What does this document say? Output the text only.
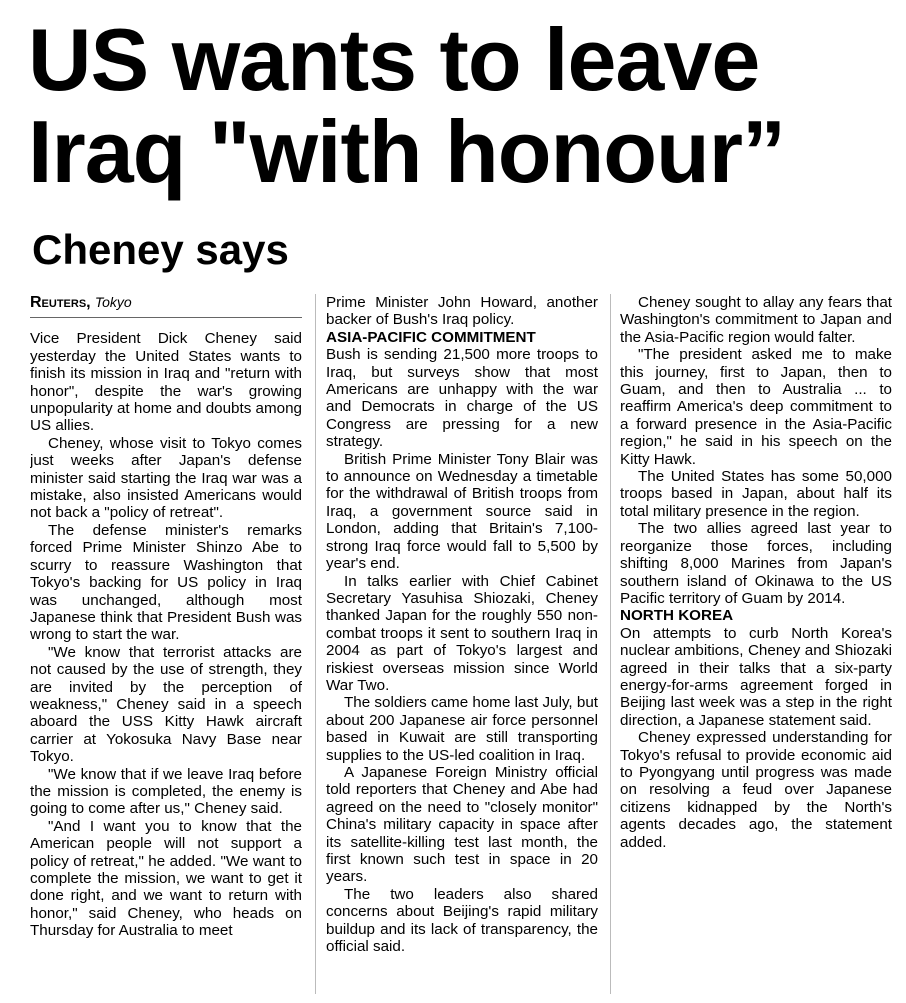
US wants to leave
Iraq "with honour”
Cheney says
Reuters, Tokyo

Vice President Dick Cheney said yesterday the United States wants to finish its mission in Iraq and "return with honor", despite the war's growing unpopularity at home and doubts among US allies.

Cheney, whose visit to Tokyo comes just weeks after Japan's defense minister said starting the Iraq war was a mistake, also insisted Americans would not back a "policy of retreat".

The defense minister's remarks forced Prime Minister Shinzo Abe to scurry to reassure Washington that Tokyo's backing for US policy in Iraq was unchanged, although most Japanese think that President Bush was wrong to start the war.

"We know that terrorist attacks are not caused by the use of strength, they are invited by the perception of weakness," Cheney said in a speech aboard the USS Kitty Hawk aircraft carrier at Yokosuka Navy Base near Tokyo.

"We know that if we leave Iraq before the mission is completed, the enemy is going to come after us," Cheney said.

"And I want you to know that the American people will not support a policy of retreat," he added. "We want to complete the mission, we want to get it done right, and we want to return with honor," said Cheney, who heads on Thursday for Australia to meet

Prime Minister John Howard, another backer of Bush's Iraq policy.

ASIA-PACIFIC COMMITMENT

Bush is sending 21,500 more troops to Iraq, but surveys show that most Americans are unhappy with the war and Democrats in charge of the US Congress are pressing for a new strategy.

British Prime Minister Tony Blair was to announce on Wednesday a timetable for the withdrawal of British troops from Iraq, a government source said in London, adding that Britain's 7,100-strong Iraq force would fall to 5,500 by year's end.

In talks earlier with Chief Cabinet Secretary Yasuhisa Shiozaki, Cheney thanked Japan for the roughly 550 non-combat troops it sent to southern Iraq in 2004 as part of Tokyo's largest and riskiest overseas mission since World War Two.

The soldiers came home last July, but about 200 Japanese air force personnel based in Kuwait are still transporting supplies to the US-led coalition in Iraq.

A Japanese Foreign Ministry official told reporters that Cheney and Abe had agreed on the need to "closely monitor" China's military capacity in space after its satellite-killing test last month, the first known such test in space in 20 years.

The two leaders also shared concerns about Beijing's rapid military buildup and its lack of transparency, the official said.

Cheney sought to allay any fears that Washington's commitment to Japan and the Asia-Pacific region would falter.

"The president asked me to make this journey, first to Japan, then to Guam, and then to Australia ... to reaffirm America's deep commitment to a forward presence in the Asia-Pacific region," he said in his speech on the Kitty Hawk.

The United States has some 50,000 troops based in Japan, about half its total military presence in the region.

The two allies agreed last year to reorganize those forces, including shifting 8,000 Marines from Japan's southern island of Okinawa to the US Pacific territory of Guam by 2014.

NORTH KOREA

On attempts to curb North Korea's nuclear ambitions, Cheney and Shiozaki agreed in their talks that a six-party energy-for-arms agreement forged in Beijing last week was a step in the right direction, a Japanese statement said.

Cheney expressed understanding for Tokyo's refusal to provide economic aid to Pyongyang until progress was made on resolving a feud over Japanese citizens kidnapped by the North's agents decades ago, the statement added.
